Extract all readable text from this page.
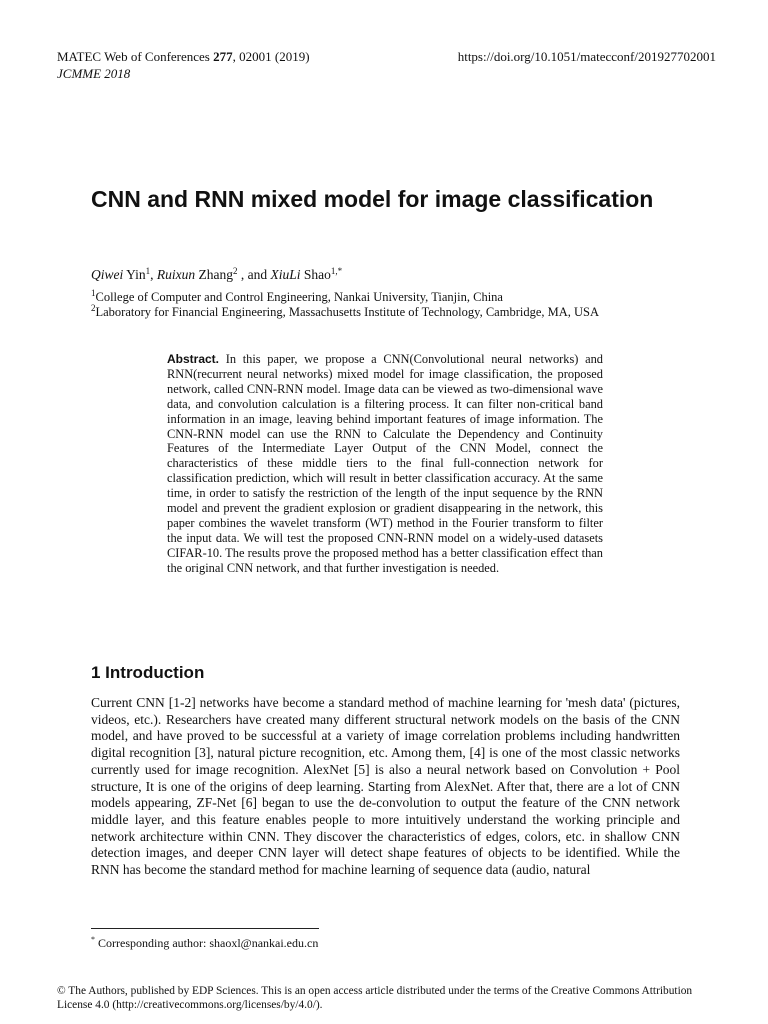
MATEC Web of Conferences 277, 02001 (2019)
JCMME 2018
https://doi.org/10.1051/matecconf/201927702001
CNN and RNN mixed model for image classification
Qiwei Yin$^1$, Ruixun Zhang$^2$ , and XiuLi Shao$^{1,*}$
$^1$College of Computer and Control Engineering, Nankai University, Tianjin, China
$^2$Laboratory for Financial Engineering, Massachusetts Institute of Technology, Cambridge, MA, USA
Abstract. In this paper, we propose a CNN(Convolutional neural networks) and RNN(recurrent neural networks) mixed model for image classification, the proposed network, called CNN-RNN model. Image data can be viewed as two-dimensional wave data, and convolution calculation is a filtering process. It can filter non-critical band information in an image, leaving behind important features of image information. The CNN-RNN model can use the RNN to Calculate the Dependency and Continuity Features of the Intermediate Layer Output of the CNN Model, connect the characteristics of these middle tiers to the final full-connection network for classification prediction, which will result in better classification accuracy. At the same time, in order to satisfy the restriction of the length of the input sequence by the RNN model and prevent the gradient explosion or gradient disappearing in the network, this paper combines the wavelet transform (WT) method in the Fourier transform to filter the input data. We will test the proposed CNN-RNN model on a widely-used datasets CIFAR-10. The results prove the proposed method has a better classification effect than the original CNN network, and that further investigation is needed.
1 Introduction
Current CNN [1-2] networks have become a standard method of machine learning for 'mesh data' (pictures, videos, etc.). Researchers have created many different structural network models on the basis of the CNN model, and have proved to be successful at a variety of image correlation problems including handwritten digital recognition [3], natural picture recognition, etc. Among them, [4] is one of the most classic networks currently used for image recognition. AlexNet [5] is also a neural network based on Convolution + Pool structure, It is one of the origins of deep learning. Starting from AlexNet. After that, there are a lot of CNN models appearing, ZF-Net [6] began to use the de-convolution to output the feature of the CNN network middle layer, and this feature enables people to more intuitively understand the working principle and network architecture within CNN. They discover the characteristics of edges, colors, etc. in shallow CNN detection images, and deeper CNN layer will detect shape features of objects to be identified. While the RNN has become the standard method for machine learning of sequence data (audio, natural
* Corresponding author: shaoxl@nankai.edu.cn
© The Authors, published by EDP Sciences. This is an open access article distributed under the terms of the Creative Commons Attribution License 4.0 (http://creativecommons.org/licenses/by/4.0/).
